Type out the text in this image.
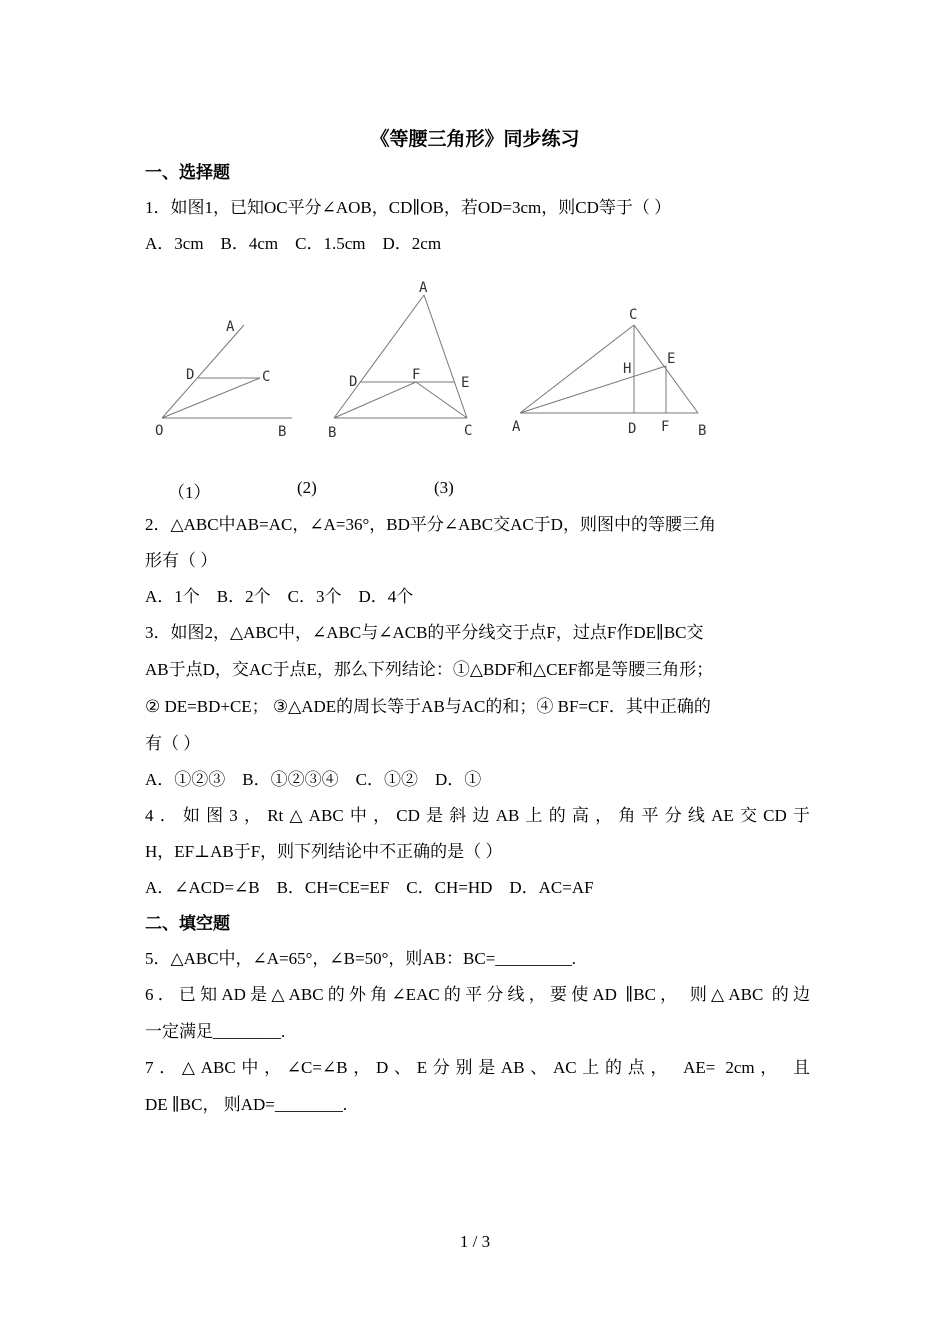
《等腰三角形》同步练习
一、选择题
1．如图1，已知OC平分∠AOB，CD∥OB，若OD=3cm，则CD等于（ ）
A．3cm    B．4cm    C．1.5cm    D．2cm
A
D	C
O	B
A
D	F	E
B	C
C
H
E
A	D F B
（1）	(2)	(3)
2．△ABC中AB=AC，∠A=36°，BD平分∠ABC交AC于D，则图中的等腰三角
形有（ ）
A．1个    B．2个    C．3个    D．4个
3．如图2，△ABC中，∠ABC与∠ACB的平分线交于点F，过点F作DE∥BC交
AB于点D，交AC于点E，那么下列结论：①△BDF和△CEF都是等腰三角形；
② DE=BD+CE； ③△ADE的周长等于AB与AC的和；④ BF=CF．其中正确的
有（ ）
A．①②③    B．①②③④    C．①②    D．①
4．如图3，Rt△ABC中，CD是斜边AB上的高，角平分线AE交CD于
H，EF⊥AB于F，则下列结论中不正确的是（ ）
A．∠ACD=∠B    B．CH=CE=EF    C．CH=HD    D．AC=AF
二、填空题
5．△ABC中，∠A=65°，∠B=50°，则AB：BC=_________.
6．已知AD是△ABC的外角∠EAC的平分线，要使AD ∥BC， 则△ABC 的边
一定满足________.
7．△ABC中，∠C=∠B，D、E分别是AB、AC上的点， AE= 2cm， 且
DE ∥BC， 则AD=________.
1 / 3
